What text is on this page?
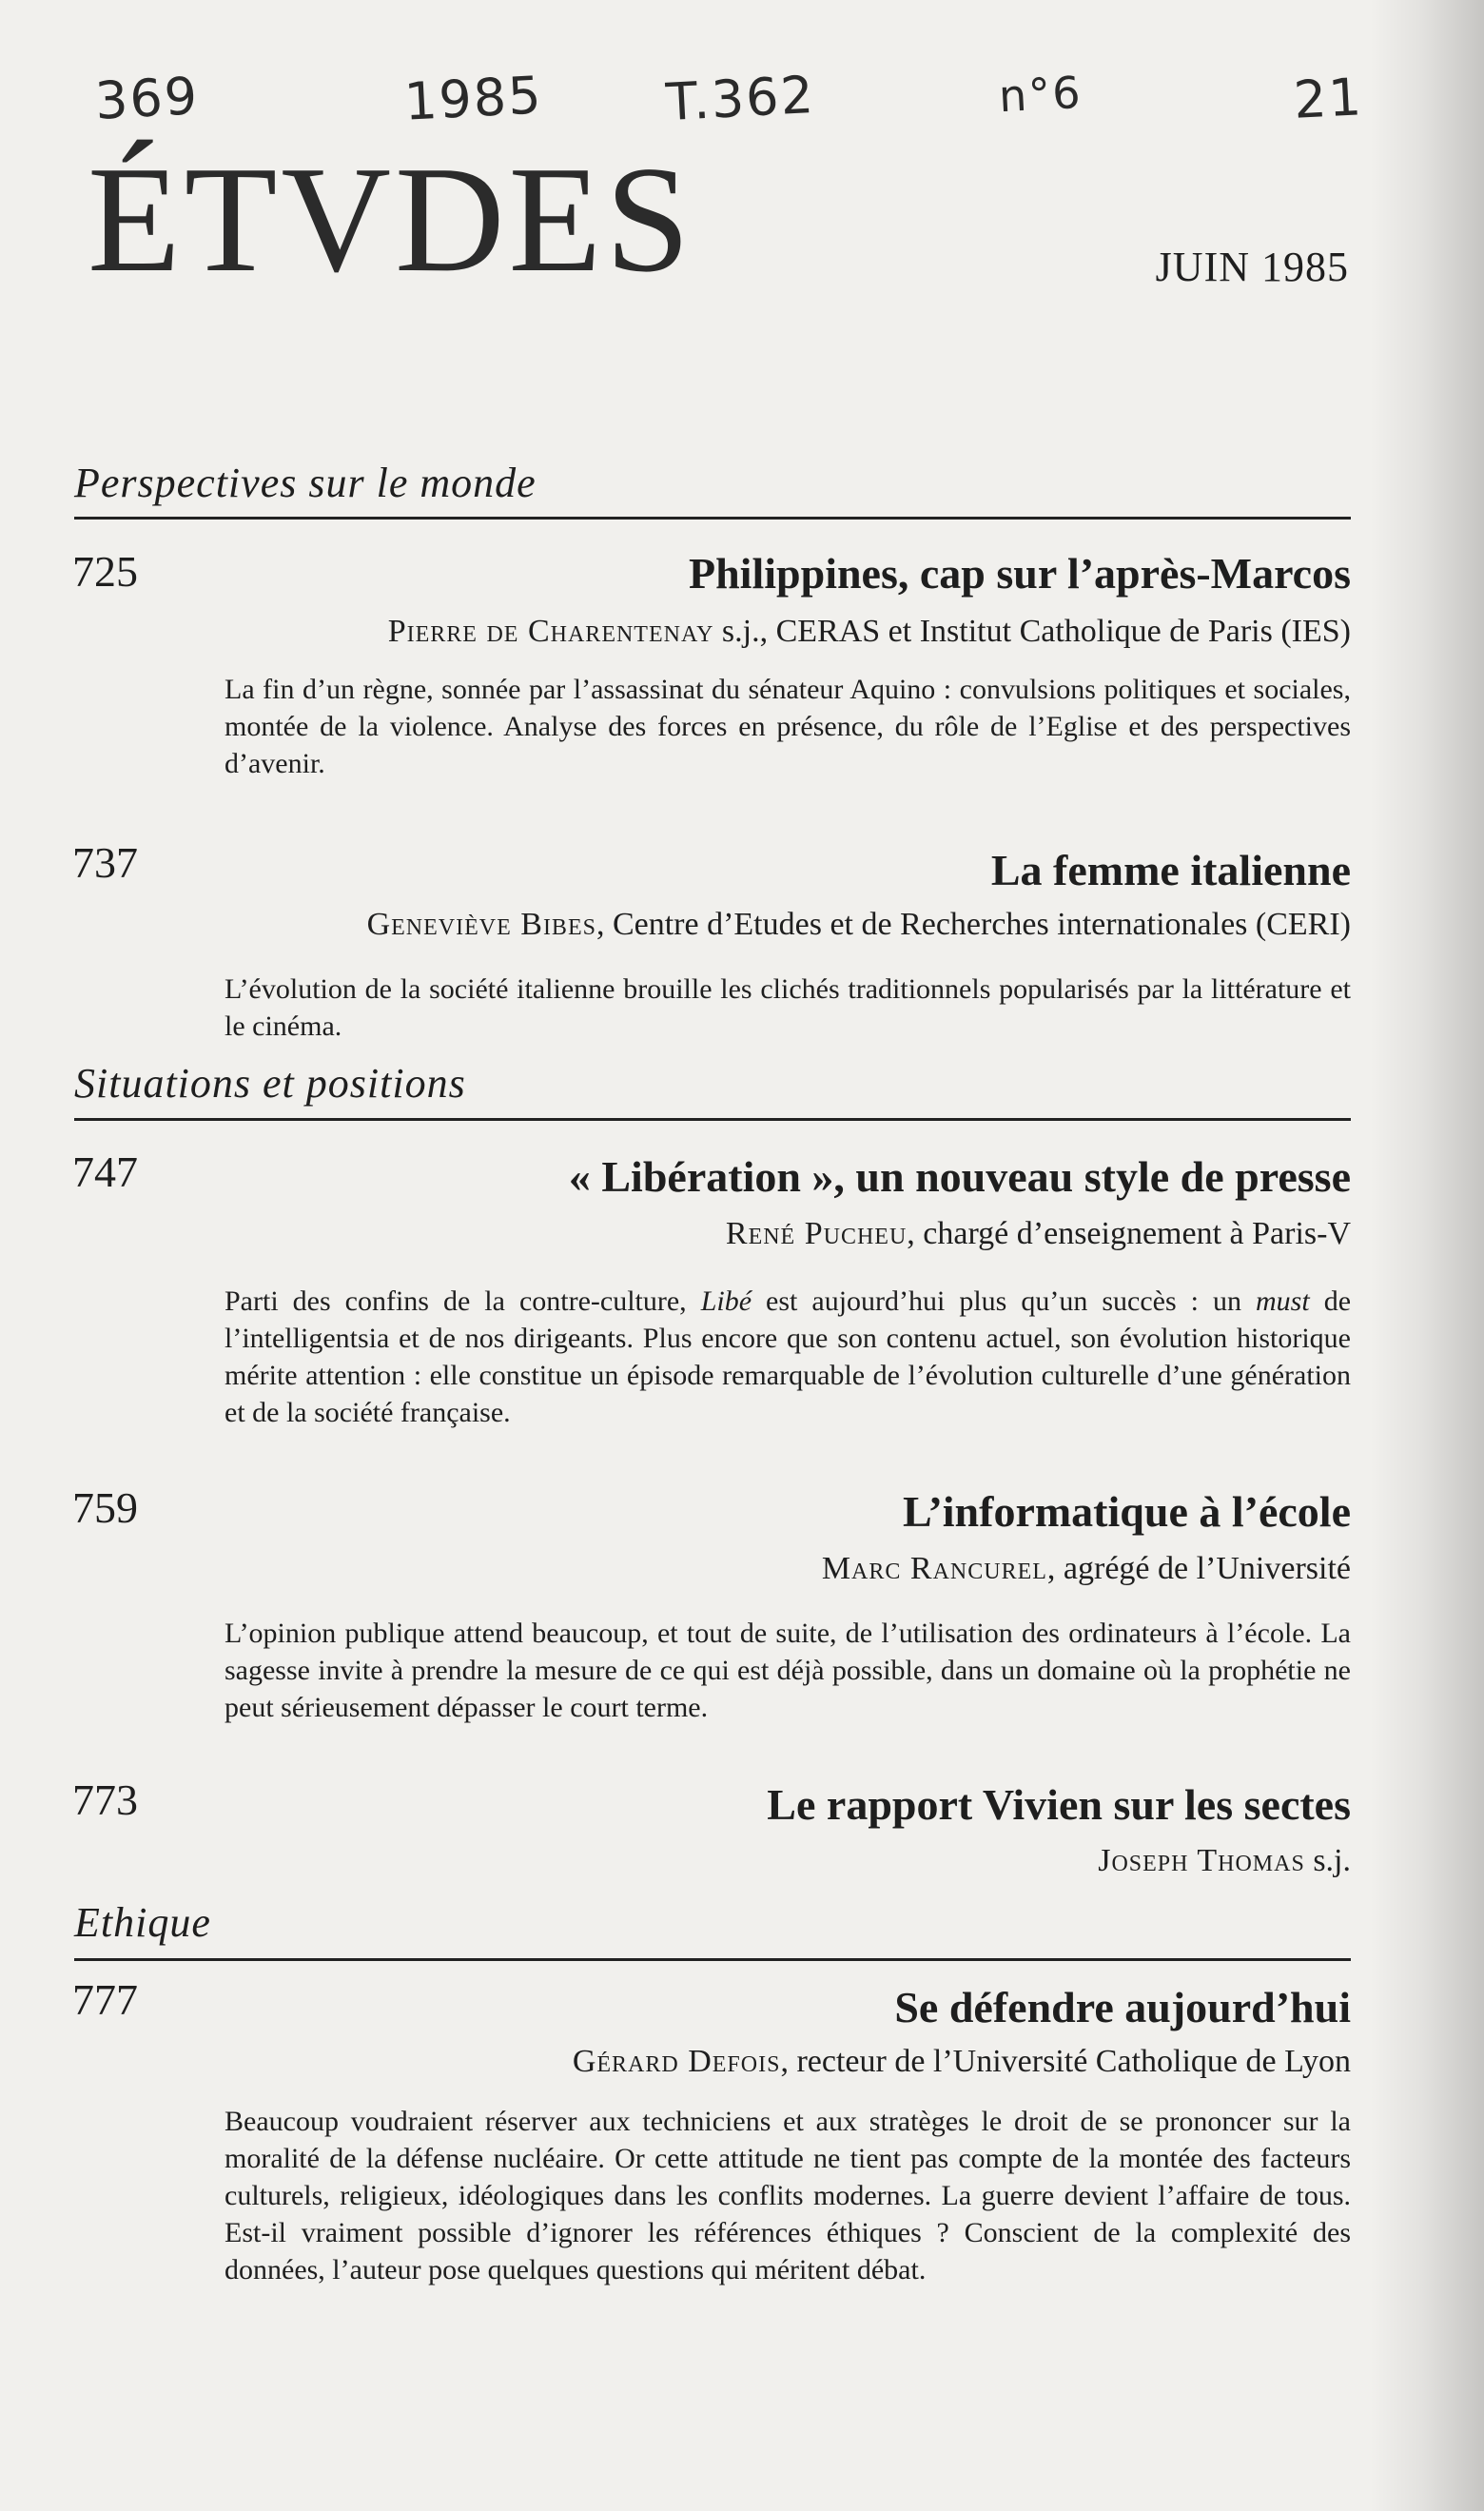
369	1985 T.362	n°6	21
ÉTVDES	JUIN 1985
Perspectives sur le monde
725	Philippines, cap sur l’après-Marcos
Pierre de Charentenay s.j., CERAS et Institut Catholique de Paris (IES)
La fin d’un règne, sonnée par l’assassinat du sénateur Aquino : convulsions politiques et sociales, montée de la violence. Analyse des forces en présence, du rôle de l’Eglise et des perspectives d’avenir.
737	La femme italienne
Geneviève Bibes, Centre d’Etudes et de Recherches internationales (CERI)
L’évolution de la société italienne brouille les clichés traditionnels popularisés par la littérature et le cinéma.
Situations et positions
747	« Libération », un nouveau style de presse
René Pucheu, chargé d’enseignement à Paris-V
Parti des confins de la contre-culture, Libé est aujourd’hui plus qu’un succès : un must de l’intelligentsia et de nos dirigeants. Plus encore que son contenu actuel, son évolution historique mérite attention : elle constitue un épisode remarquable de l’évolution culturelle d’une génération et de la société française.
759	L’informatique à l’école
Marc Rancurel, agrégé de l’Université
L’opinion publique attend beaucoup, et tout de suite, de l’utilisation des ordinateurs à l’école. La sagesse invite à prendre la mesure de ce qui est déjà possible, dans un domaine où la prophétie ne peut sérieusement dépasser le court terme.
773	Le rapport Vivien sur les sectes
Joseph Thomas s.j.
Ethique
777	Se défendre aujourd’hui
Gérard Defois, recteur de l’Université Catholique de Lyon
Beaucoup voudraient réserver aux techniciens et aux stratèges le droit de se prononcer sur la moralité de la défense nucléaire. Or cette attitude ne tient pas compte de la montée des facteurs culturels, religieux, idéologiques dans les conflits modernes. La guerre devient l’affaire de tous. Est-il vraiment possible d’ignorer les références éthiques ? Conscient de la complexité des données, l’auteur pose quelques questions qui méritent débat.
